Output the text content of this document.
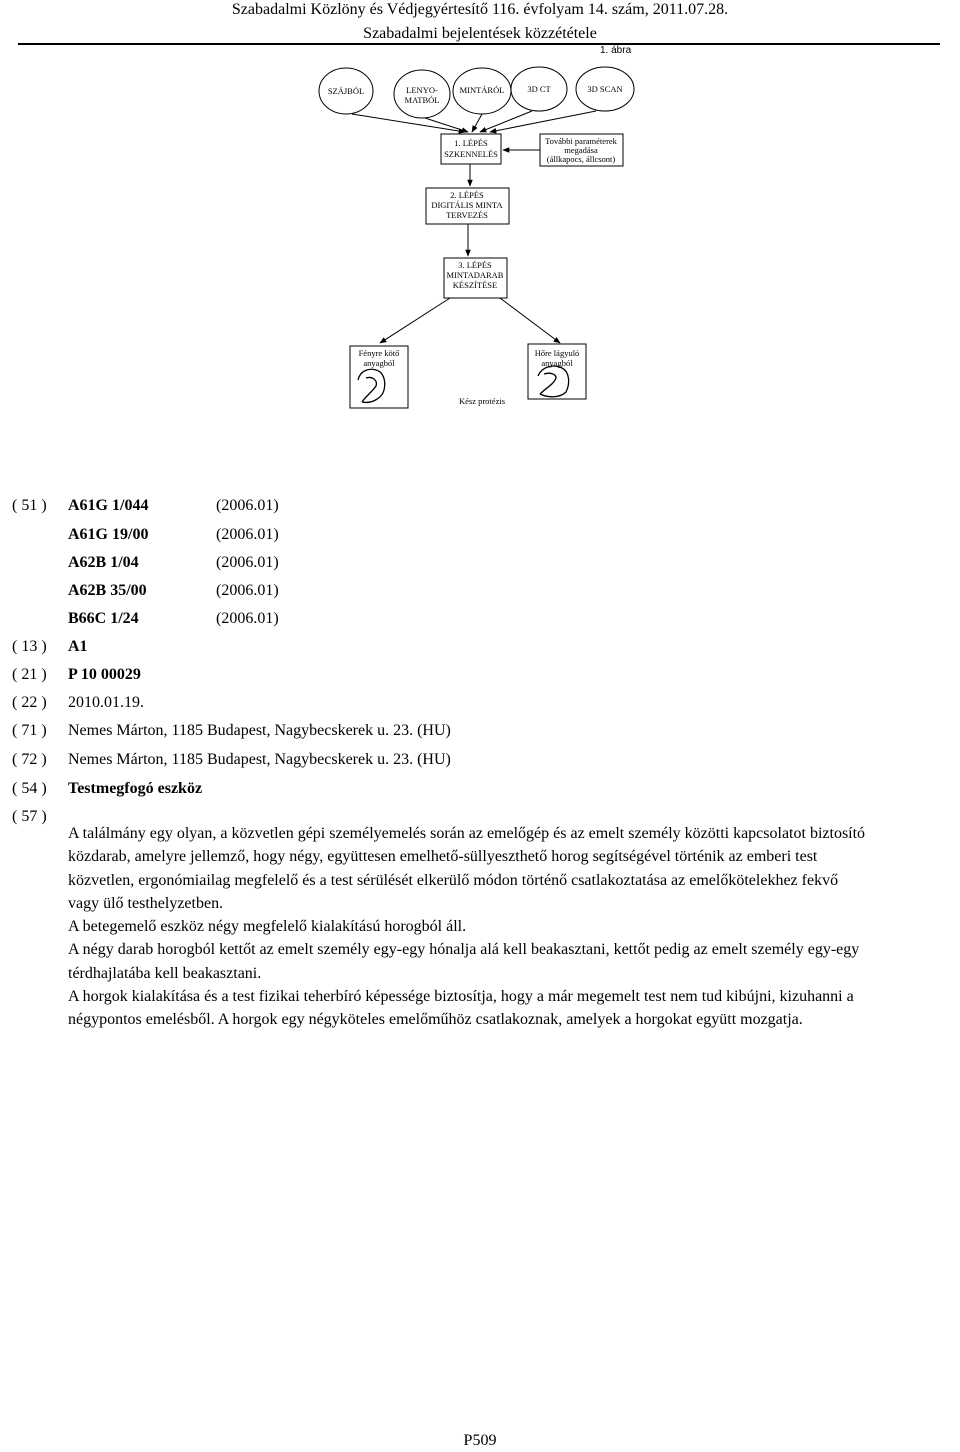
Szabadalmi Közlöny és Védjegyértesítő 116. évfolyam 14. szám, 2011.07.28.
Szabadalmi bejelentések közzététele
1. ábra
SZÁJBÓL	LENYO-
MATBÓL
MINTÁRÓL	3D CT	3D SCAN
1. LÉPÉS
SZKENNELÉS
További paraméterek
megadása
(állkapocs, állcsont)
2. LÉPÉS
DIGITÁLIS MINTA
TERVEZÉS
3. LÉPÉS
MINTADARAB
KÉSZÍTÉSE
Fényre kötő
anyagból
Hőre lágyuló
anyagból
Kész protézis
( 51 ) A61G 1/044	(2006.01)
A61G 19/00	(2006.01)
A62B 1/04	(2006.01)
A62B 35/00	(2006.01)
B66C 1/24	(2006.01)
( 13 ) A1
( 21 ) P 10 00029
( 22 ) 2010.01.19.
( 71 ) Nemes Márton, 1185 Budapest, Nagybecskerek u. 23. (HU)
( 72 ) Nemes Márton, 1185 Budapest, Nagybecskerek u. 23. (HU)
( 54 ) Testmegfogó eszköz
( 57 )

A találmány egy olyan, a közvetlen gépi személyemelés során az emelőgép és az emelt személy közötti kapcsolatot biztosító közdarab, amelyre jellemző, hogy négy, együttesen emelhető-süllyeszthető horog segítségével történik az emberi test közvetlen, ergonómiailag megfelelő és a test sérülését elkerülő módon történő csatlakoztatása az emelőkötelekhez fekvő vagy ülő testhelyzetben.

A betegemelő eszköz négy megfelelő kialakítású horogból áll.

A négy darab horogból kettőt az emelt személy egy-egy hónalja alá kell beakasztani, kettőt pedig az emelt személy egy-egy térdhajlatába kell beakasztani.

A horgok kialakítása és a test fizikai teherbíró képessége biztosítja, hogy a már megemelt test nem tud kibújni, kizuhanni a négypontos emelésből. A horgok egy négyköteles emelőműhöz csatlakoznak, amelyek a horgokat együtt mozgatja.

P509
